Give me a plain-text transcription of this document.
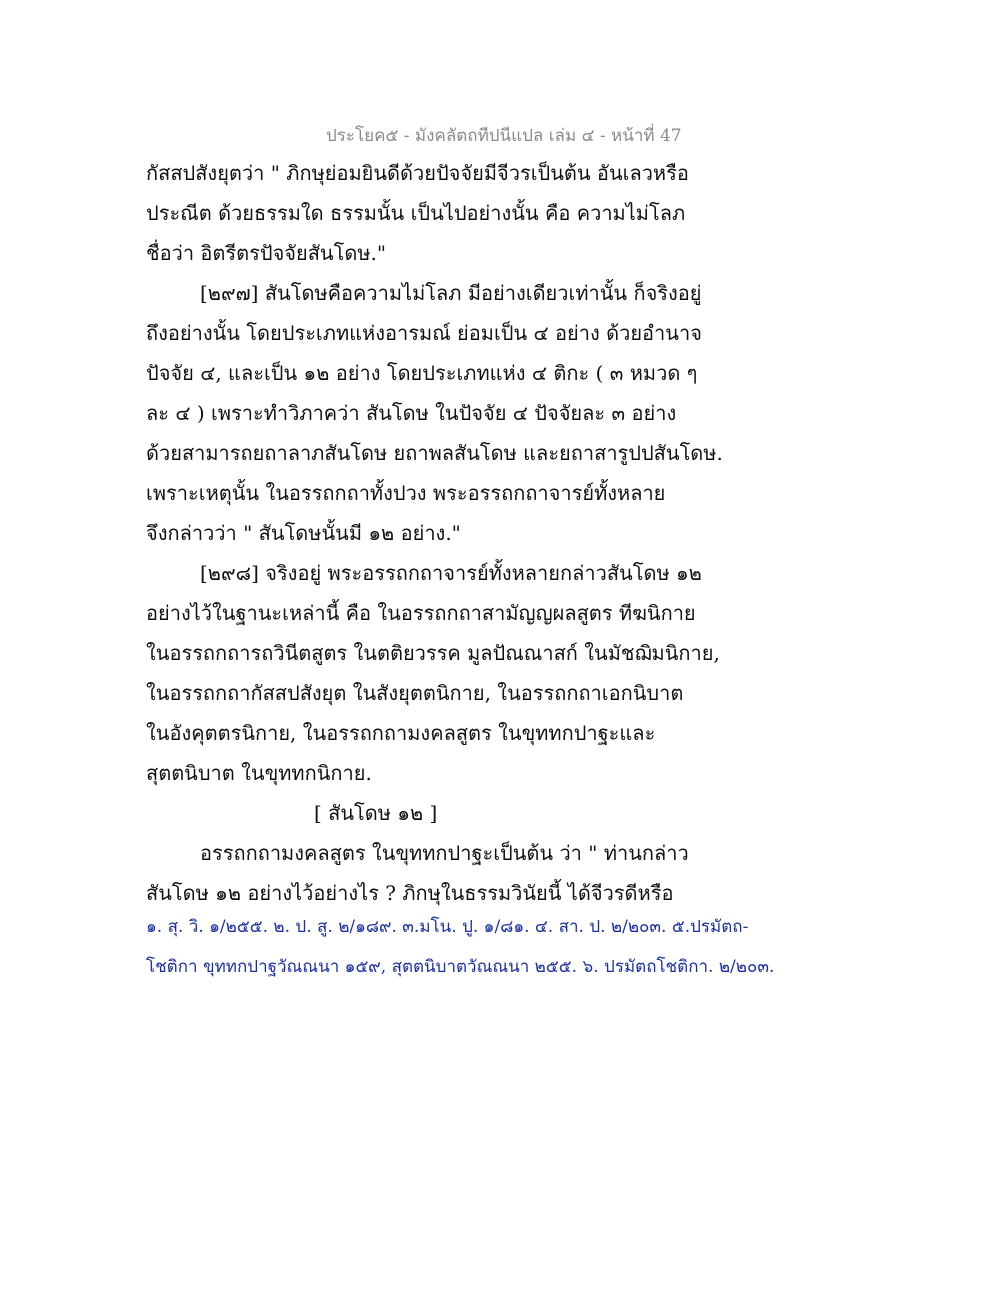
ประโยค๕ - มังคลัตถทีปนีแปล เล่ม ๔ - หน้าที่ 47
กัสสปสังยุตว่า " ภิกษุย่อมยินดีด้วยปัจจัยมีจีวรเป็นต้น อันเลวหรือ
ประณีต ด้วยธรรมใด ธรรมนั้น เป็นไปอย่างนั้น คือ ความไม่โลภ
ชื่อว่า อิตรีตรปัจจัยสันโดษ."
[๒๙๗] สันโดษคือความไม่โลภ มีอย่างเดียวเท่านั้น ก็จริงอยู่
ถึงอย่างนั้น โดยประเภทแห่งอารมณ์ ย่อมเป็น ๔ อย่าง ด้วยอำนาจ
ปัจจัย ๔, และเป็น ๑๒ อย่าง โดยประเภทแห่ง ๔ ติกะ ( ๓ หมวด ๆ
ละ ๔ ) เพราะทำวิภาคว่า สันโดษ ในปัจจัย ๔ ปัจจัยละ ๓ อย่าง
ด้วยสามารถยถาลาภสันโดษ ยถาพลสันโดษ และยถาสารูปปสันโดษ.
เพราะเหตุนั้น ในอรรถกถาทั้งปวง พระอรรถกถาจารย์ทั้งหลาย
จึงกล่าวว่า " สันโดษนั้นมี ๑๒ อย่าง."
[๒๙๘] จริงอยู่ พระอรรถกถาจารย์ทั้งหลายกล่าวสันโดษ ๑๒
อย่างไว้ในฐานะเหล่านี้ คือ ในอรรถกถาสามัญญผลสูตร ทีฆนิกาย
ในอรรถกถารถวินีตสูตร ในตติยวรรค มูลปัณณาสก์ ในมัชฌิมนิกาย,
ในอรรถกถากัสสปสังยุต ในสังยุตตนิกาย, ในอรรถกถาเอกนิบาต
ในอังคุตตรนิกาย, ในอรรถกถามงคลสูตร ในขุททกปาฐะและ
สุตตนิบาต ในขุททกนิกาย.
[ สันโดษ ๑๒ ]
อรรถกถามงคลสูตร ในขุททกปาฐะเป็นต้น ว่า " ท่านกล่าว
สันโดษ ๑๒ อย่างไว้อย่างไร ? ภิกษุในธรรมวินัยนี้ ได้จีวรดีหรือ
๑. สุ. วิ. ๑/๒๕๕. ๒. ป. สู. ๒/๑๘๙. ๓.มโน. ปู. ๑/๘๑. ๔. สา. ป. ๒/๒๐๓. ๕.ปรมัตถ-
โชติกา ขุททกปาฐวัณณนา ๑๕๙, สุตตนิบาตวัณณนา ๒๕๕. ๖. ปรมัตถโชติกา. ๒/๒๐๓.
